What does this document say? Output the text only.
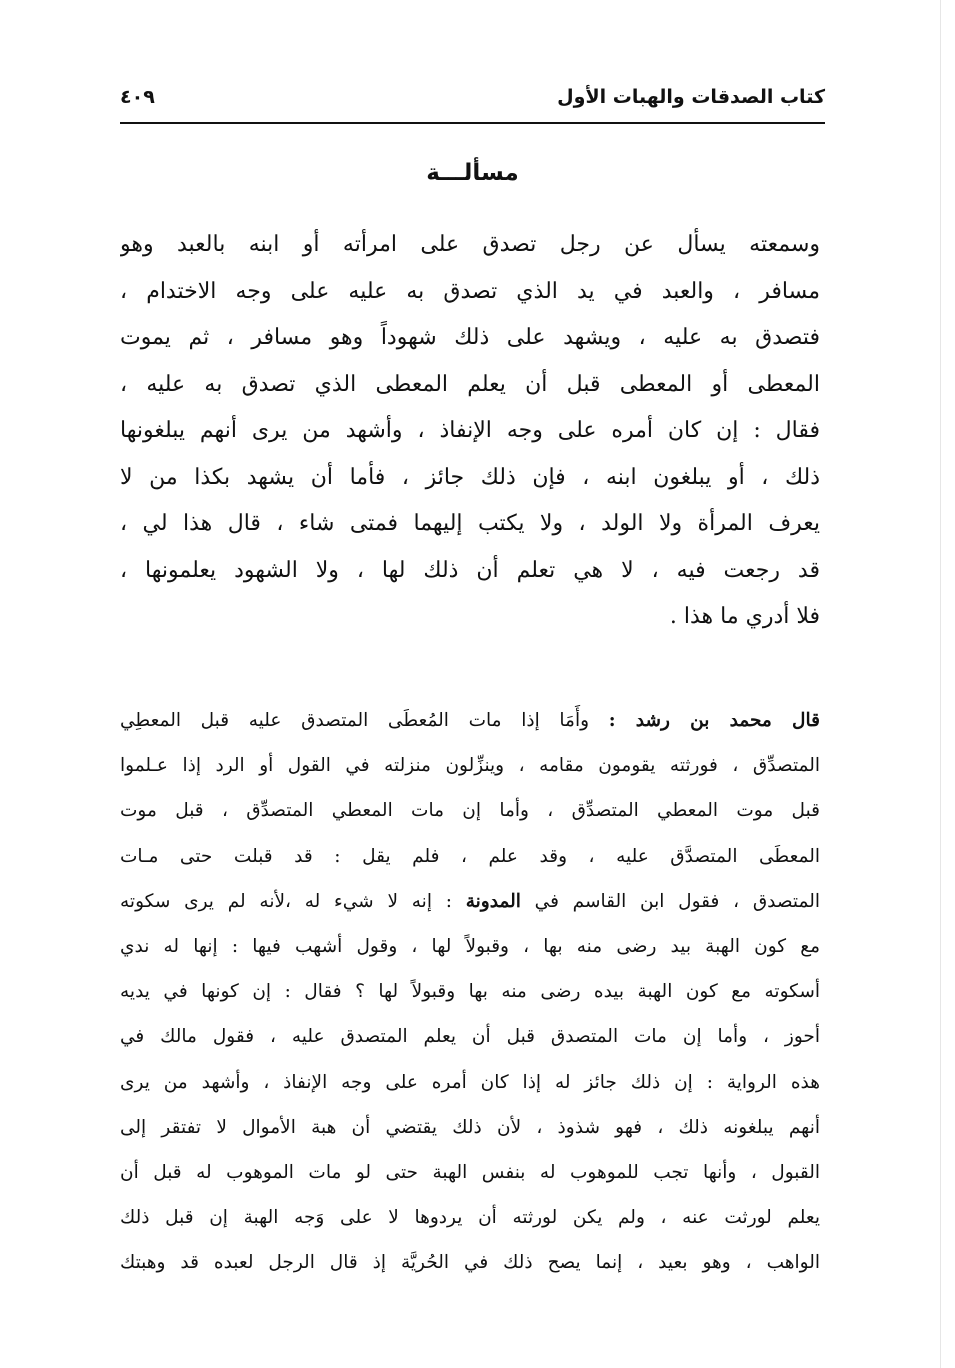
كتاب الصدقات والهبات الأول
٤٠٩
مسألـــة
وسمعته يسأل عن رجل تصدق على امرأته أو ابنه بالعبد وهو
مسافر ، والعبد في يد الذي تصدق به عليه على وجه الاختدام ،
فتصدق به عليه ، ويشهد على ذلك شهوداً وهو مسافر ، ثم يموت
المعطى أو المعطى قبل أن يعلم المعطى الذي تصدق به عليه ،
فقال : إن كان أمره على وجه الإنفاذ ، وأشهد من يرى أنهم يبلغونها
ذلك ، أو يبلغون ابنه ، فإن ذلك جائز ، فأما أن يشهد بكذا من لا
يعرف المرأة ولا الولد ، ولا يكتب إليهما فمتى شاء ، قال هذا لي ،
قد رجعت فيه ، لا هي تعلم أن ذلك لها ، ولا الشهود يعلمونها ،
فلا أدري ما هذا .
قال محمد بن رشد : وأَمَا إذا مات المُعطَى المتصدق عليه قبل المعطِي
المتصدِّق ، فورثته يقومون مقامه ، وينزِّلون منزلته في القول أو الرد إذا عـلموا
قبل موت المعطي المتصدِّق ، وأما إن مات المعطي المتصدِّق ، قبل موت
المعطَى المتصدَّق عليه ، وقد علم ، فلم يقل : قد قبلت حتى مـات
المتصدق ، فقول ابن القاسم في المدونة : إنه لا شيء له ،لأنه لم يرى سكوته
مع كون الهبة بيد رضى منه بها ، وقبولاً لها ، وقول أشهب فيها : إنها له ندي
أسكوته مع كون الهبة بيده رضى منه بها وقبولاً لها ؟ فقال : إن كونها في يديه
أحوز ، وأما إن مات المتصدق قبل أن يعلم المتصدق عليه ، فقول مالك في
هذه الرواية : إن ذلك جائز له إذا كان أمره على وجه الإنفاذ ، وأشهد من يرى
أنهم يبلغونه ذلك ، فهو شذوذ ، لأن ذلك يقتضي أن هبة الأموال لا تفتقر إلى
القبول ، وأنها تجب للموهوب له بنفس الهبة حتى لو مات الموهوب له قبل أن
يعلم لورثت عنه ، ولم يكن لورثته أن يردوها لا على وَجه الهبة إن قبل ذلك
الواهب ، وهو بعيد ، إنما يصح ذلك في الحُريَّة إذ قال الرجل لعبده قد وهبتك
